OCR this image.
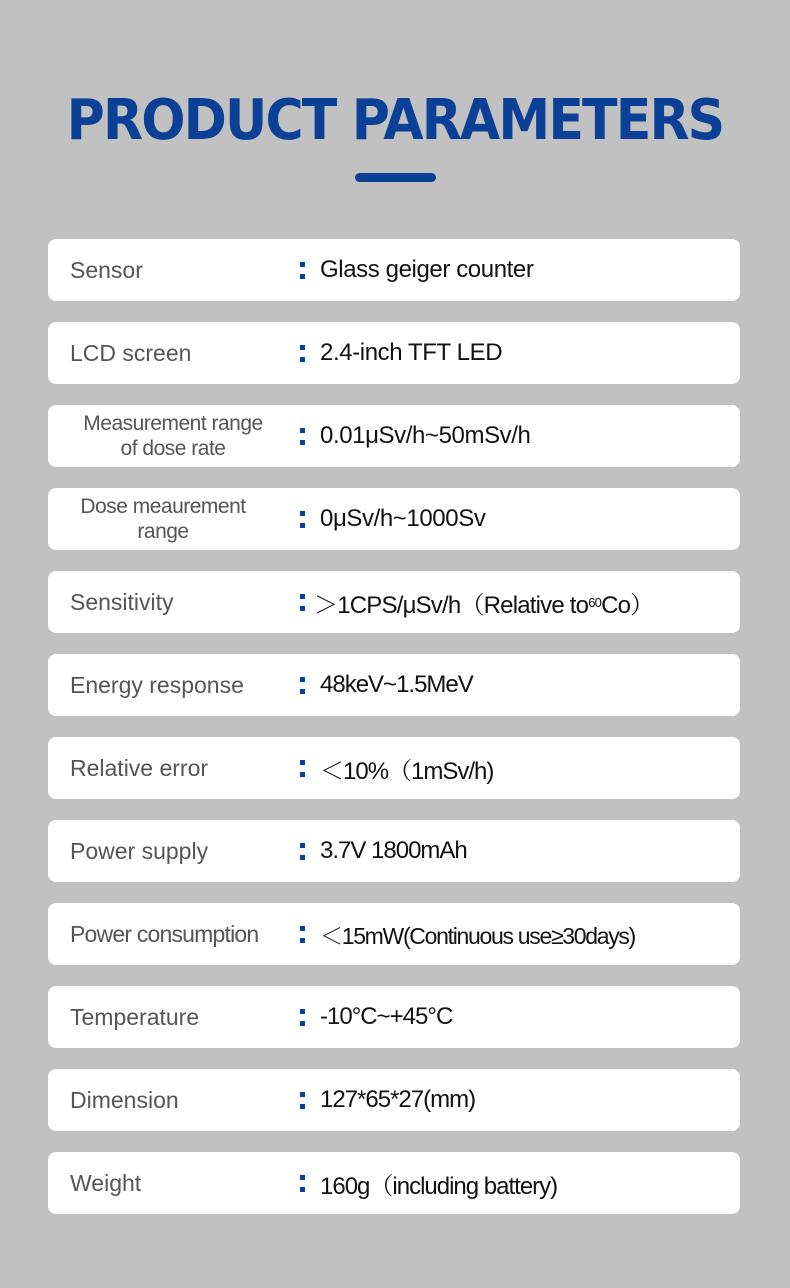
PRODUCT PARAMETERS
Sensor	Glass geiger counter
LCD screen	2.4-inch TFT LED
Measurement range
of dose rate	0.01μSv/h~50mSv/h
Dose meaurement
range	0μSv/h~1000Sv
Sensitivity	＞1CPS/μSv/h（Relative to 60 Co）
Energy response	48keV~1.5MeV
Relative error	＜10%（1mSv/h)
Power supply	3.7V 1800mAh
Power consumption	＜15mW(Continuous use≥30days)
Temperature	-10°C~+45°C
Dimension	127*65*27(mm)
Weight	160g（including battery)
